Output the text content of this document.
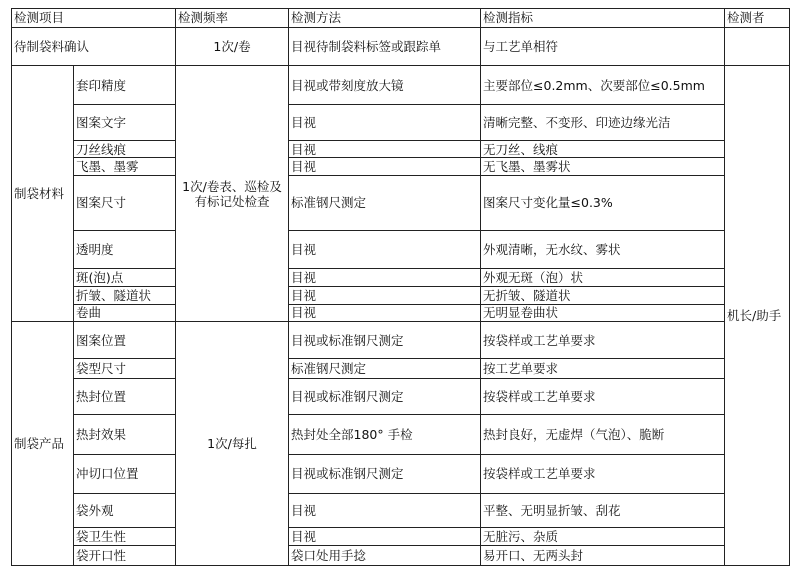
检测项目		检测频率	检测方法	检测指标	检测者
待制袋料确认		1次/卷	目视待制袋料标签或跟踪单	与工艺单相符	
制袋材料	套印精度	1次/卷表、巡检及有标记处检查	目视或带刻度放大镜	主要部位≤0.2mm、次要部位≤0.5mm	机长/助手
	图案文字		目视	清晰完整、不变形、印迹边缘光洁	
	刀丝线痕		目视	无刀丝、线痕	
	飞墨、墨雾		目视	无飞墨、墨雾状	
	图案尺寸		标准钢尺测定	图案尺寸变化量≤0.3%	
	透明度		目视	外观清晰，无水纹、雾状	
	斑(泡)点		目视	外观无斑（泡）状	
	折皱、隧道状		目视	无折皱、隧道状	
	卷曲		目视	无明显卷曲状	
制袋产品	图案位置	1次/每扎	目视或标准钢尺测定	按袋样或工艺单要求	
	袋型尺寸		标准钢尺测定	按工艺单要求	
	热封位置		目视或标准钢尺测定	按袋样或工艺单要求	
	热封效果		热封处全部180° 手检	热封良好，无虚焊（气泡）、脆断	
	冲切口位置		目视或标准钢尺测定	按袋样或工艺单要求	
	袋外观		目视	平整、无明显折皱、刮花	
	袋卫生性		目视	无脏污、杂质	
	袋开口性		袋口处用手捻	易开口、无两头封	
